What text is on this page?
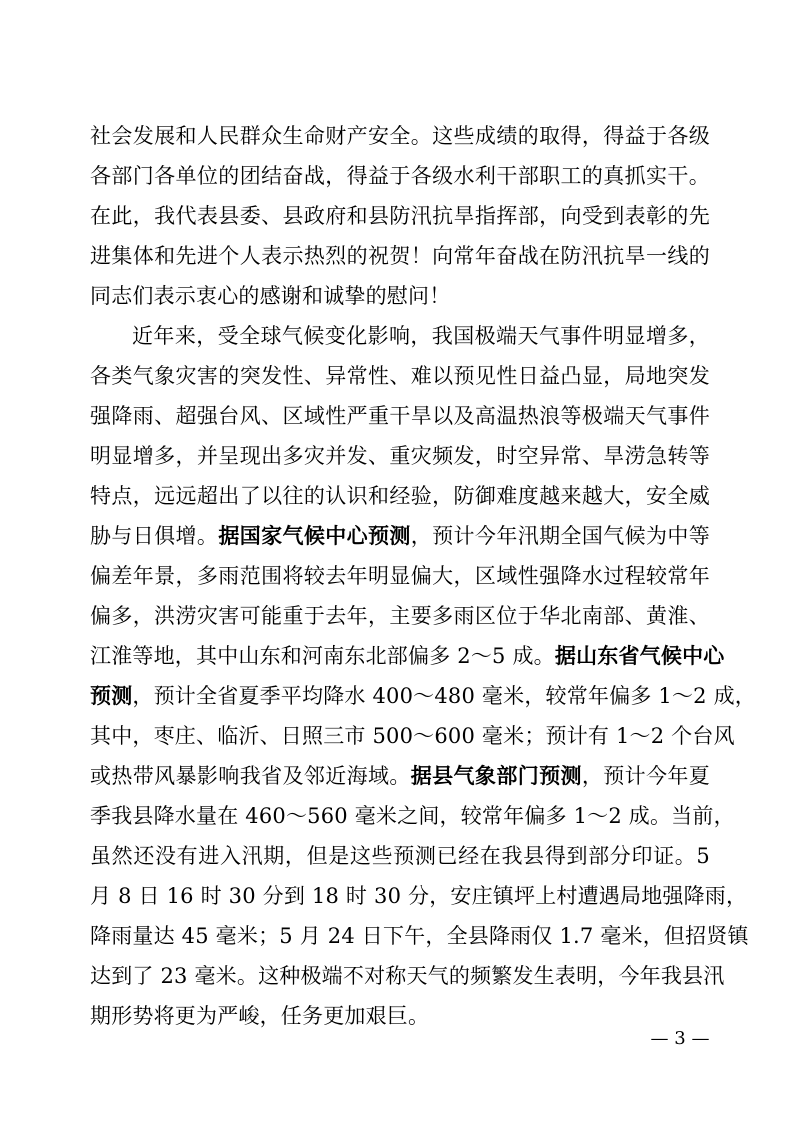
社会发展和人民群众生命财产安全。这些成绩的取得，得益于各级
各部门各单位的团结奋战，得益于各级水利干部职工的真抓实干。
在此，我代表县委、县政府和县防汛抗旱指挥部，向受到表彰的先
进集体和先进个人表示热烈的祝贺！向常年奋战在防汛抗旱一线的
同志们表示衷心的感谢和诚挚的慰问！
近年来，受全球气候变化影响，我国极端天气事件明显增多，
各类气象灾害的突发性、异常性、难以预见性日益凸显，局地突发
强降雨、超强台风、区域性严重干旱以及高温热浪等极端天气事件
明显增多，并呈现出多灾并发、重灾频发，时空异常、旱涝急转等
特点，远远超出了以往的认识和经验，防御难度越来越大，安全威
胁与日俱增。据国家气候中心预测，预计今年汛期全国气候为中等
偏差年景，多雨范围将较去年明显偏大，区域性强降水过程较常年
偏多，洪涝灾害可能重于去年，主要多雨区位于华北南部、黄淮、
江淮等地，其中山东和河南东北部偏多 2～5 成。据山东省气候中心
预测，预计全省夏季平均降水 400～480 毫米，较常年偏多 1～2 成，
其中，枣庄、临沂、日照三市 500～600 毫米；预计有 1～2 个台风
或热带风暴影响我省及邻近海域。据县气象部门预测，预计今年夏
季我县降水量在 460～560 毫米之间，较常年偏多 1～2 成。当前，
虽然还没有进入汛期，但是这些预测已经在我县得到部分印证。5
月 8 日 16 时 30 分到 18 时 30 分，安庄镇坪上村遭遇局地强降雨，
降雨量达 45 毫米；5 月 24 日下午，全县降雨仅 1.7 毫米，但招贤镇
达到了 23 毫米。这种极端不对称天气的频繁发生表明，今年我县汛
期形势将更为严峻，任务更加艰巨。
— 3 —
